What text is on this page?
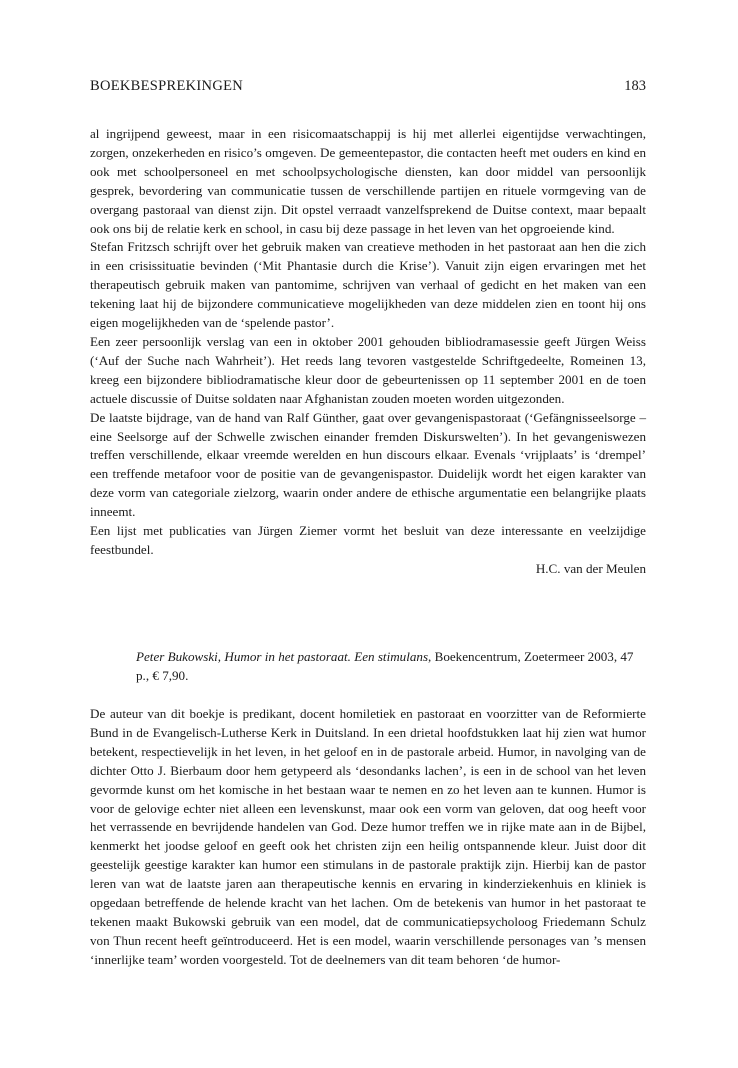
BOEKBESPREKINGEN	183

al ingrijpend geweest, maar in een risicomaatschappij is hij met allerlei eigentijdse verwachtingen, zorgen, onzekerheden en risico’s omgeven. De gemeentepastor, die contacten heeft met ouders en kind en ook met schoolpersoneel en met schoolpsychologische diensten, kan door middel van persoonlijk gesprek, bevordering van communicatie tussen de verschillende partijen en rituele vormgeving van de overgang pastoraal van dienst zijn. Dit opstel verraadt vanzelfsprekend de Duitse context, maar bepaalt ook ons bij de relatie kerk en school, in casu bij deze passage in het leven van het opgroeiende kind.

Stefan Fritzsch schrijft over het gebruik maken van creatieve methoden in het pastoraat aan hen die zich in een crisissituatie bevinden (‘Mit Phantasie durch die Krise’). Vanuit zijn eigen ervaringen met het therapeutisch gebruik maken van pantomime, schrijven van verhaal of gedicht en het maken van een tekening laat hij de bijzondere communicatieve mogelijkheden van deze middelen zien en toont hij ons eigen mogelijkheden van de ‘spelende pastor’.

Een zeer persoonlijk verslag van een in oktober 2001 gehouden bibliodramasessie geeft Jürgen Weiss (‘Auf der Suche nach Wahrheit’). Het reeds lang tevoren vastgestelde Schriftgedeelte, Romeinen 13, kreeg een bijzondere bibliodramatische kleur door de gebeurtenissen op 11 september 2001 en de toen actuele discussie of Duitse soldaten naar Afghanistan zouden moeten worden uitgezonden.

De laatste bijdrage, van de hand van Ralf Günther, gaat over gevangenispastoraat (‘Gefängnisseelsorge – eine Seelsorge auf der Schwelle zwischen einander fremden Diskurswelten’). In het gevangeniswezen treffen verschillende, elkaar vreemde werelden en hun discours elkaar. Evenals ‘vrijplaats’ is ‘drempel’ een treffende metafoor voor de positie van de gevangenispastor. Duidelijk wordt het eigen karakter van deze vorm van categoriale zielzorg, waarin onder andere de ethische argumentatie een belangrijke plaats inneemt.

Een lijst met publicaties van Jürgen Ziemer vormt het besluit van deze interessante en veelzijdige feestbundel.

H.C. van der Meulen

Peter Bukowski, Humor in het pastoraat. Een stimulans, Boekencentrum, Zoetermeer 2003, 47 p., € 7,90.

De auteur van dit boekje is predikant, docent homiletiek en pastoraat en voorzitter van de Reformierte Bund in de Evangelisch-Lutherse Kerk in Duitsland. In een drietal hoofdstukken laat hij zien wat humor betekent, respectievelijk in het leven, in het geloof en in de pastorale arbeid. Humor, in navolging van de dichter Otto J. Bierbaum door hem getypeerd als ‘desondanks lachen’, is een in de school van het leven gevormde kunst om het komische in het bestaan waar te nemen en zo het leven aan te kunnen. Humor is voor de gelovige echter niet alleen een levenskunst, maar ook een vorm van geloven, dat oog heeft voor het verrassende en bevrijdende handelen van God. Deze humor treffen we in rijke mate aan in de Bijbel, kenmerkt het joodse geloof en geeft ook het christen zijn een heilig ontspannende kleur. Juist door dit geestelijk geestige karakter kan humor een stimulans in de pastorale praktijk zijn. Hierbij kan de pastor leren van wat de laatste jaren aan therapeutische kennis en ervaring in kinderziekenhuis en kliniek is opgedaan betreffende de helende kracht van het lachen. Om de betekenis van humor in het pastoraat te tekenen maakt Bukowski gebruik van een model, dat de communicatiepsycholoog Friedemann Schulz von Thun recent heeft geïntroduceerd. Het is een model, waarin verschillende personages van ’s mensen ‘innerlijke team’ worden voorgesteld. Tot de deelnemers van dit team behoren ‘de humor-
